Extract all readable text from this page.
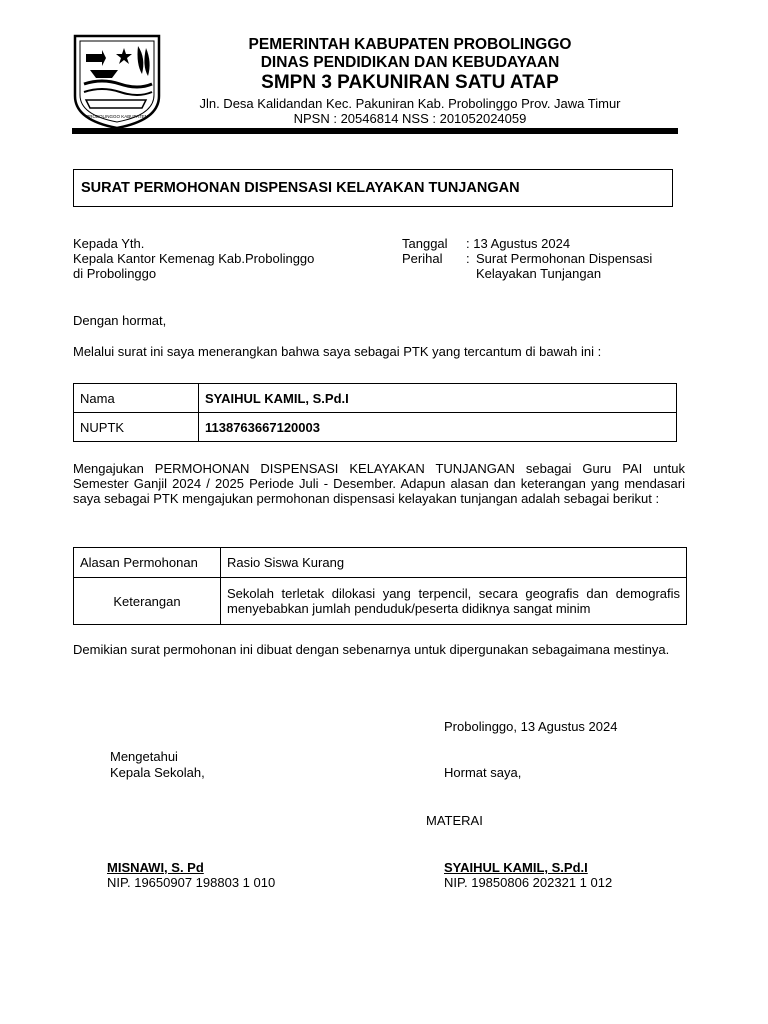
PROBOLINGGO KABUPATEN
PEMERINTAH KABUPATEN PROBOLINGGO
DINAS PENDIDIKAN DAN KEBUDAYAAN
SMPN 3 PAKUNIRAN SATU ATAP
Jln. Desa Kalidandan Kec. Pakuniran Kab. Probolinggo Prov. Jawa Timur
NPSN : 20546814 NSS : 201052024059
SURAT PERMOHONAN DISPENSASI KELAYAKAN TUNJANGAN
Kepada Yth.
Kepala Kantor Kemenag Kab.Probolinggo
di Probolinggo
Tanggal : 13 Agustus 2024
Perihal : Surat Permohonan Dispensasi
Kelayakan Tunjangan
Dengan hormat,
Melalui surat ini saya menerangkan bahwa saya sebagai PTK yang tercantum di bawah ini :
Nama	SYAIHUL KAMIL, S.Pd.I
NUPTK	1138763667120003
Mengajukan PERMOHONAN DISPENSASI KELAYAKAN TUNJANGAN sebagai Guru PAI untuk Semester Ganjil 2024 / 2025 Periode Juli - Desember. Adapun alasan dan keterangan yang mendasari saya sebagai PTK mengajukan permohonan dispensasi kelayakan tunjangan adalah sebagai berikut :
Alasan Permohonan	Rasio Siswa Kurang
Keterangan	Sekolah terletak dilokasi yang terpencil, secara geografis dan demografis menyebabkan jumlah penduduk/peserta didiknya sangat minim
Demikian surat permohonan ini dibuat dengan sebenarnya untuk dipergunakan sebagaimana mestinya.
Probolinggo, 13 Agustus 2024
Mengetahui
Kepala Sekolah,	Hormat saya,
MATERAI
MISNAWI, S. Pd
NIP. 19650907 198803 1 010
SYAIHUL KAMIL, S.Pd.I
NIP. 19850806 202321 1 012
